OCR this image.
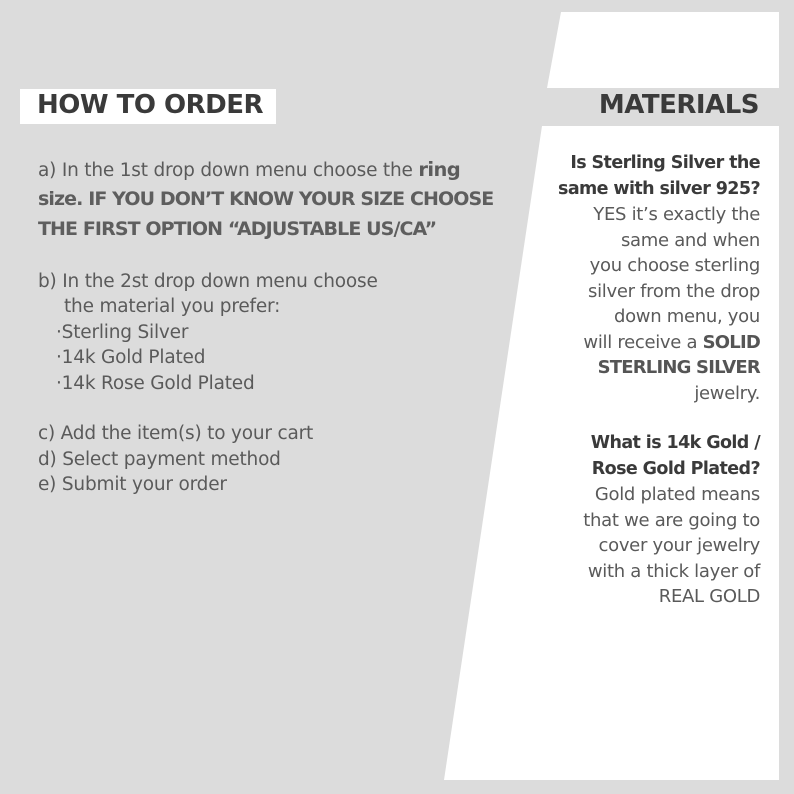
HOW TO ORDER	MATERIALS
a) In the 1st drop down menu choose the ring
size. IF YOU DON’T KNOW YOUR SIZE CHOOSE
THE FIRST OPTION “ADJUSTABLE US/CA”
b) In the 2st drop down menu choose
the material you prefer:
·Sterling Silver
·14k Gold Plated
·14k Rose Gold Plated
c) Add the item(s) to your cart
d) Select payment method
e) Submit your order
Is Sterling Silver the
same with silver 925?
YES it’s exactly the
same and when
you choose sterling
silver from the drop
down menu, you
will receive a SOLID
STERLING SILVER
jewelry.
What is 14k Gold /
Rose Gold Plated?
Gold plated means
that we are going to
cover your jewelry
with a thick layer of
REAL GOLD
